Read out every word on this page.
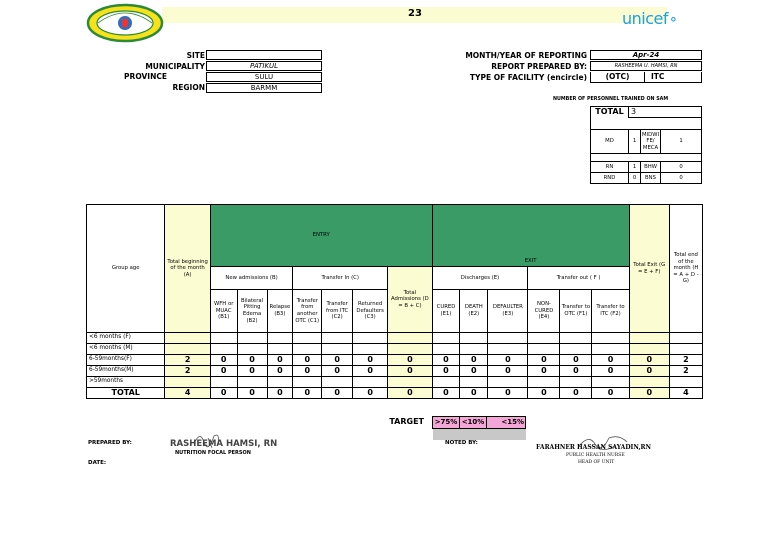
23	unicef⚬
SITE
MUNICIPALITY	PATIKUL
PROVINCE	SULU
REGION	BARMM
MONTH/YEAR OF REPORTING	Apr-24
REPORT PREPARED BY:	RASHEEMA U. HAMSI, RN
TYPE OF FACILITY (encircle)	(OTC)	ITC
NUMBER OF PERSONNEL TRAINED ON SAM
TOTAL	3		

MD	1	MIDWI FE/ MECA	1

RN	1	BHW	0
RND	0	BNS	0
Group age	Total beginning of the month (A)	ENTRY							EXIT						Total Exit (G = E + F)	Total end of the month (H = A + D - G)
		New admissions (B)			Transfer In (C)			Total Admissions (D = B + C)	Discharges (E)			Transfer out ( F )				
		WFH or MUAC (B1)	Bilateral Pitting Edema (B2)	Relapse (B3)	Transfer from another OTC (C1)	Transfer from ITC (C2)	Returned Defaulters (C3)		CURED (E1)	DEATH (E2)	DEFAULTER (E3)	NON-CURED (E4)	Transfer to OTC (F1)	Transfer to ITC (F2)		
<6 months (F)																
<6 months (M)																
6-59months(F)	2	0	0	0	0	0	0	0	0	0	0	0	0	0	0	2
6-59months(M)	2	0	0	0	0	0	0	0	0	0	0	0	0	0	0	2
>59months																
TOTAL	4	0	0	0	0	0	0	0	0	0	0	0	0	0	0	4
TARGET >75%	<10%	<15%

PREPARED BY:	RASHEEMA HAMSI, RN
NUTRITION FOCAL PERSON
DATE:
NOTED BY:
FARAHNER HASSAN SAYADIN,RN
PUBLIC HEALTH NURSE
HEAD OF UNIT
